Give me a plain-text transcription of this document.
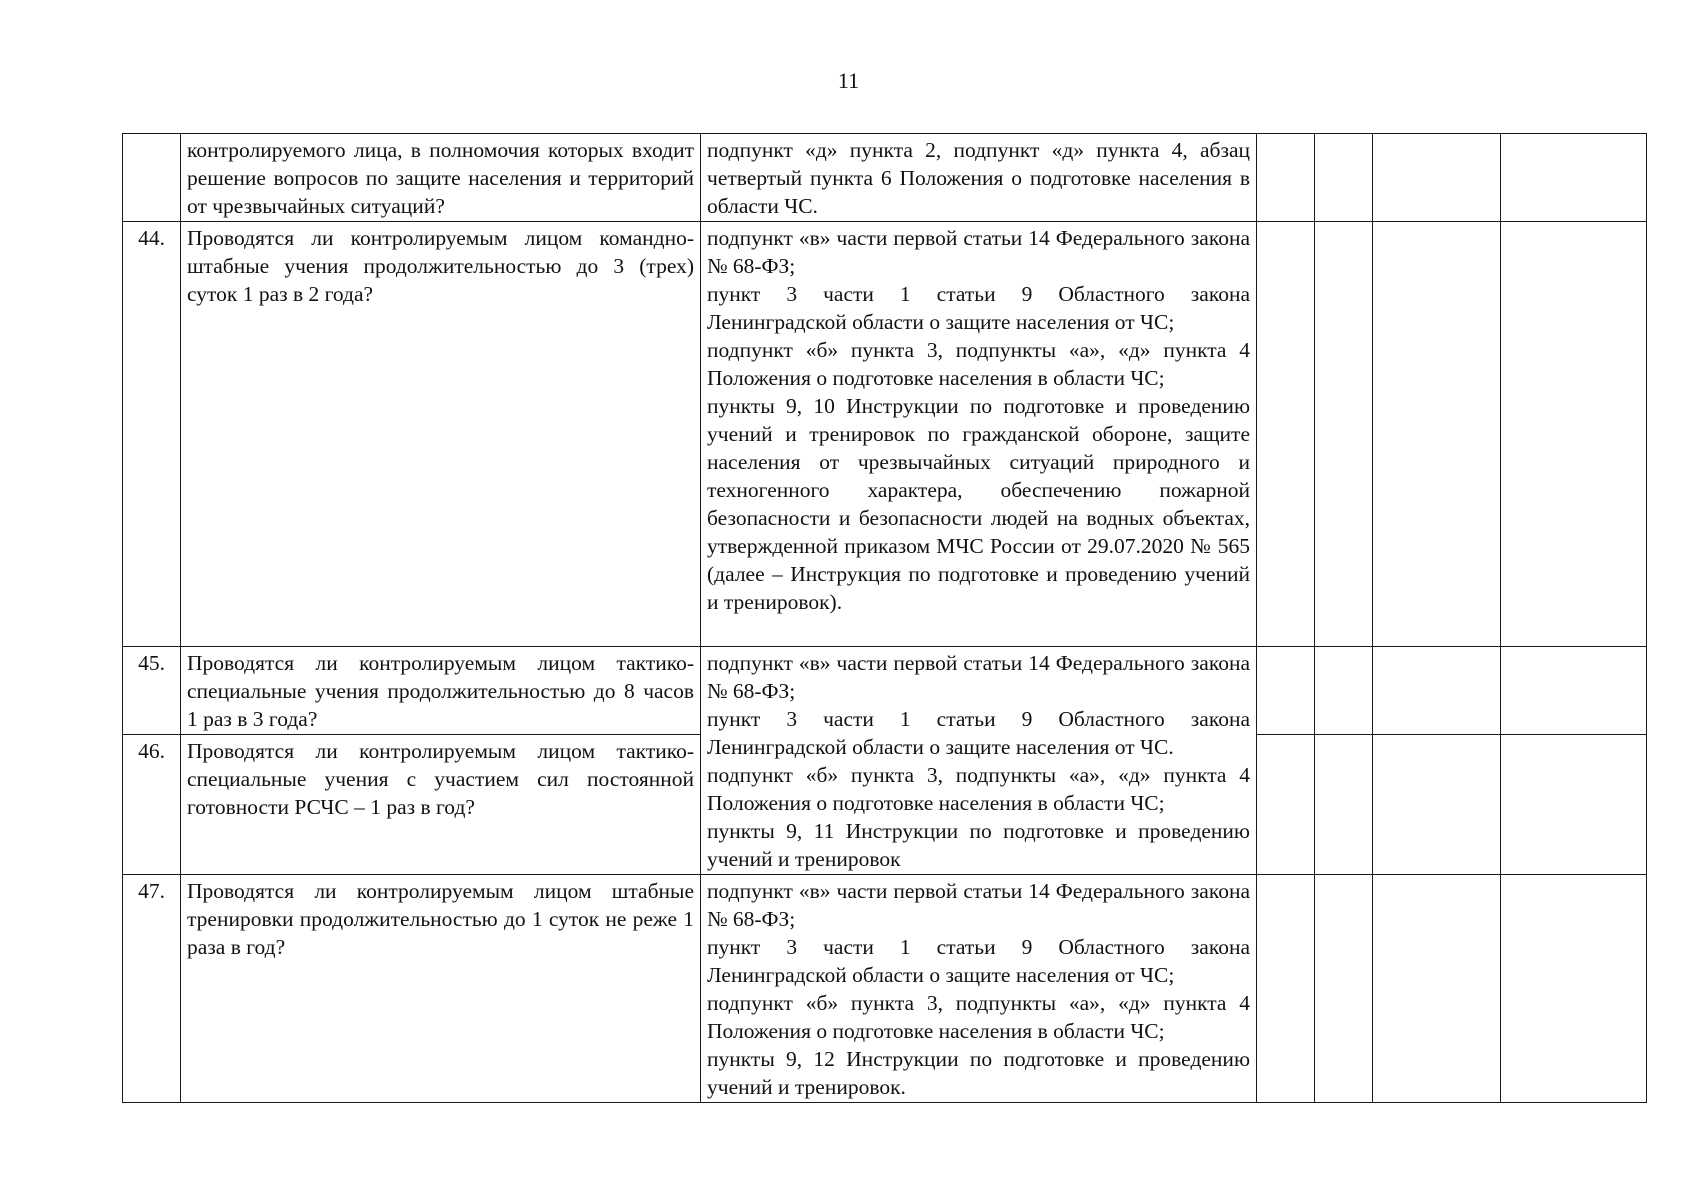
11
	контролируемого лица, в полномочия которых входит решение вопросов по защите населения и территорий от чрезвычайных ситуаций?	подпункт «д» пункта 2, подпункт «д» пункта 4, абзац четвертый пункта 6 Положения о подготовке населения в области ЧС.				

44.	Проводятся ли контролируемым лицом командно-штабные учения продолжительностью до 3 (трех) суток 1 раз в 2 года?	подпункт «в» части первой статьи 14 Федерального закона № 68-ФЗ;
пункт 3 части 1 статьи 9 Областного закона Ленинградской области о защите населения от ЧС;
подпункт «б» пункта 3, подпункты «а», «д» пункта 4 Положения о подготовке населения в области ЧС;
пункты 9, 10 Инструкции по подготовке и проведению учений и тренировок по гражданской обороне, защите населения от чрезвычайных ситуаций природного и техногенного характера, обеспечению пожарной безопасности и безопасности людей на водных объектах, утвержденной приказом МЧС России от 29.07.2020 № 565 (далее – Инструкция по подготовке и проведению учений и тренировок).				

45.	Проводятся ли контролируемым лицом тактико-специальные учения продолжительностью до 8 часов 1 раз в 3 года?	подпункт «в» части первой статьи 14 Федерального закона № 68-ФЗ;
пункт 3 части 1 статьи 9 Областного закона Ленинградской области о защите населения от ЧС.
подпункт «б» пункта 3, подпункты «а», «д» пункта 4 Положения о подготовке населения в области ЧС;
пункты 9, 11 Инструкции по подготовке и проведению учений и тренировок				

46.	Проводятся ли контролируемым лицом тактико-специальные учения с участием сил постоянной готовности РСЧС – 1 раз в год?					
47.	Проводятся ли контролируемым лицом штабные тренировки продолжительностью до 1 суток не реже 1 раза в год?	подпункт «в» части первой статьи 14 Федерального закона № 68-ФЗ;
пункт 3 части 1 статьи 9 Областного закона Ленинградской области о защите населения от ЧС;
подпункт «б» пункта 3, подпункты «а», «д» пункта 4 Положения о подготовке населения в области ЧС;
пункты 9, 12 Инструкции по подготовке и проведению учений и тренировок.				
